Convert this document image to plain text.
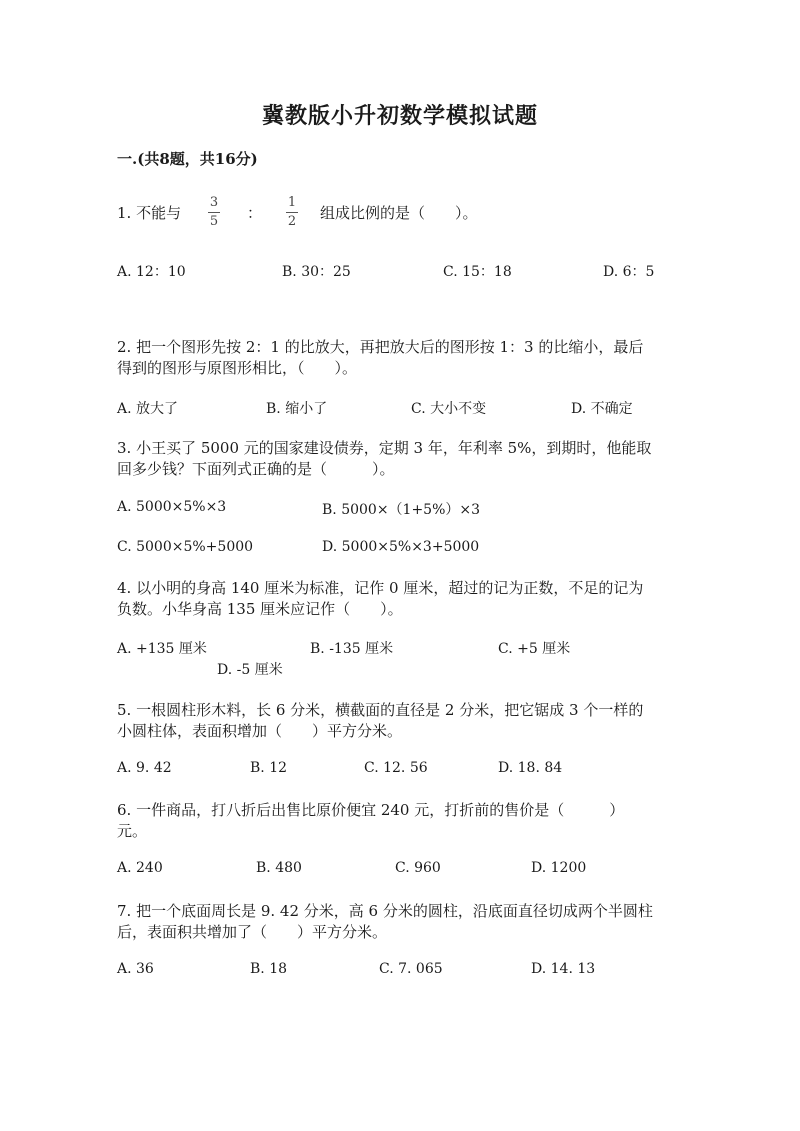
冀教版小升初数学模拟试题
一.(共8题，共16分)
1. 不能与
3
5 ：
1
2 组成比例的是（　　）。
A. 12：10	B. 30：25	C. 15：18	D. 6：5
2. 把一个图形先按 2：1 的比放大，再把放大后的图形按 1：3 的比缩小，最后
得到的图形与原图形相比，（　　）。
A. 放大了	B. 缩小了	C. 大小不变	D. 不确定
3. 小王买了 5000 元的国家建设债券，定期 3 年，年利率 5%，到期时，他能取
回多少钱？下面列式正确的是（　　　）。
A. 5000×5%×3	B. 5000×（1+5%）×3
C. 5000×5%+5000	D. 5000×5%×3+5000
4. 以小明的身高 140 厘米为标准，记作 0 厘米，超过的记为正数，不足的记为
负数。小华身高 135 厘米应记作（　　）。
A. +135 厘米	B. -135 厘米	C. +5 厘米
D. -5 厘米
5. 一根圆柱形木料，长 6 分米，横截面的直径是 2 分米，把它锯成 3 个一样的
小圆柱体，表面积增加（　　）平方分米。
A. 9. 42	B. 12	C. 12. 56	D. 18. 84
6. 一件商品，打八折后出售比原价便宜 240 元，打折前的售价是（　　　）
元。
A. 240	B. 480	C. 960	D. 1200
7. 把一个底面周长是 9. 42 分米，高 6 分米的圆柱，沿底面直径切成两个半圆柱
后，表面积共增加了（　　）平方分米。
A. 36	B. 18	C. 7. 065	D. 14. 13
